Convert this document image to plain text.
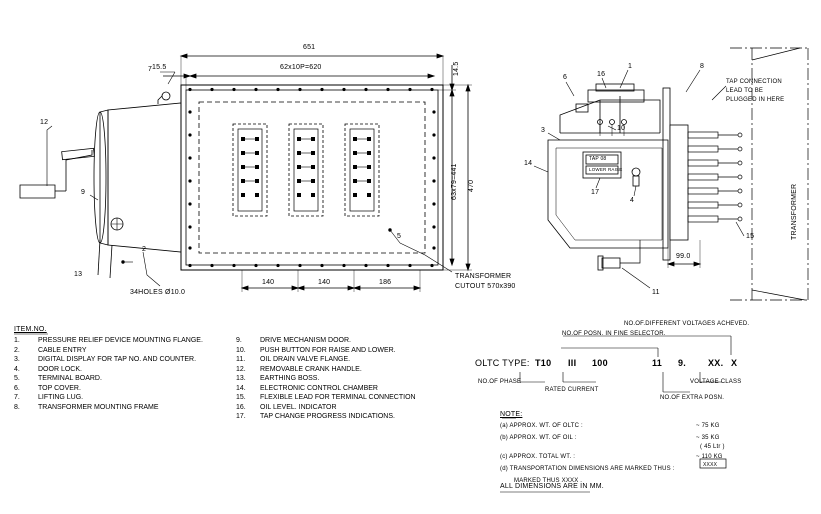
651
62x10P=620
15.5	14.5
63x79=441 470
140	140	186
34HOLES Ø10.0
TRANSFORMER
CUTOUT 570x390
7
12
9
13
2
5
6	16
1	8
3	10
14
17
4
15
11
TAP CONNECTION
LEAD TO BE
PLUGGED IN HERE
TAP 08
LOWER RAISE
99.0
TRANSFORMER
ITEM.NO.
1.	PRESSURE RELIEF DEVICE MOUNTING FLANGE.
2.	CABLE ENTRY
3.	DIGITAL DISPLAY FOR TAP NO. AND COUNTER.
4.	DOOR LOCK.
5.	TERMINAL BOARD.
6.	TOP COVER.
7.	LIFTING LUG.
8.	TRANSFORMER MOUNTING FRAME
9.	DRIVE MECHANISM DOOR.
10.	PUSH BUTTON FOR RAISE AND LOWER.
11.	OIL DRAIN VALVE FLANGE.
12.	REMOVABLE CRANK HANDLE.
13.	EARTHING BOSS.
14.	ELECTRONIC CONTROL CHAMBER
15.	FLEXIBLE LEAD FOR TERMINAL CONNECTION
16.	OIL LEVEL. INDICATOR
17.	TAP CHANGE PROGRESS INDICATIONS.
NO.OF.DIFFERENT VOLTAGES ACHEVED.
NO.OF POSN. IN FINE SELECTOR.
OLTC TYPE: T10 III 100	11 9. XX. X
NO.OF PHASE
RATED CURRENT
VOLTAGE CLASS
NO.OF EXTRA POSN.
NOTE:
(a) APPROX. WT. OF OLTC :	~ 75 KG
(b) APPROX. WT. OF OIL :	~ 35 KG
( 45 Ltr )
(c) APPROX. TOTAL WT. :	~ 110 KG
(d) TRANSPORTATION DIMENSIONS ARE MARKED THUS :
MARKED THUS XXXX .
XXXX
ALL DIMENSIONS ARE IN MM.
